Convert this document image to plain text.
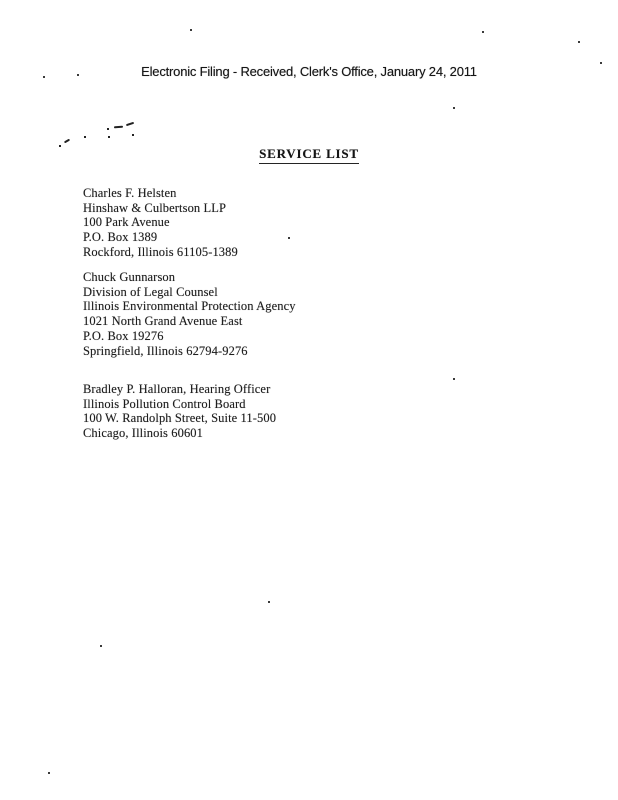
Electronic Filing - Received, Clerk's Office, January 24, 2011
SERVICE LIST
Charles F. Helsten
Hinshaw & Culbertson LLP
100 Park Avenue
P.O. Box 1389
Rockford, Illinois 61105-1389
Chuck Gunnarson
Division of Legal Counsel
Illinois Environmental Protection Agency
1021 North Grand Avenue East
P.O. Box 19276
Springfield, Illinois 62794-9276
Bradley P. Halloran, Hearing Officer
Illinois Pollution Control Board
100 W. Randolph Street, Suite 11-500
Chicago, Illinois 60601
